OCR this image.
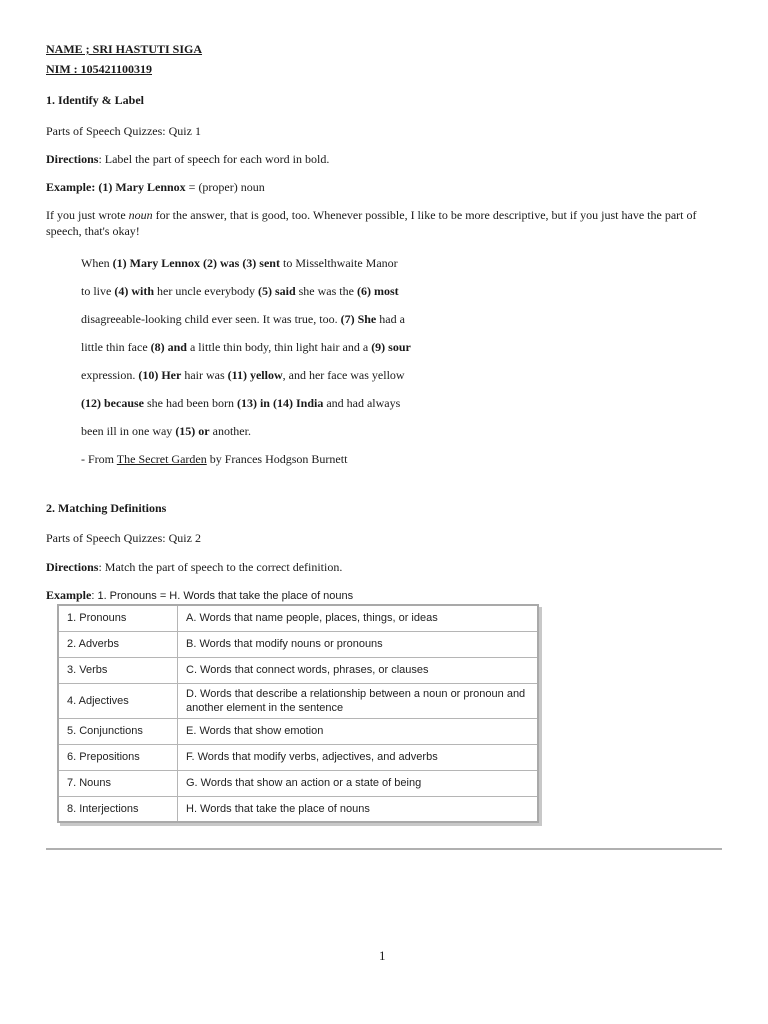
NAME ; SRI HASTUTI SIGA
NIM : 105421100319
1. Identify & Label
Parts of Speech Quizzes: Quiz 1
Directions: Label the part of speech for each word in bold.
Example: (1) Mary Lennox = (proper) noun
If you just wrote noun for the answer, that is good, too. Whenever possible, I like to be more descriptive, but if you just have the part of speech, that's okay!
When (1) Mary Lennox (2) was (3) sent to Misselthwaite Manor
to live (4) with her uncle everybody (5) said she was the (6) most
disagreeable-looking child ever seen. It was true, too. (7) She had a
little thin face (8) and a little thin body, thin light hair and a (9) sour
expression. (10) Her hair was (11) yellow, and her face was yellow
(12) because she had been born (13) in (14) India and had always
been ill in one way (15) or another.
- From The Secret Garden by Frances Hodgson Burnett
2. Matching Definitions
Parts of Speech Quizzes: Quiz 2
Directions: Match the part of speech to the correct definition.
Example: 1. Pronouns = H. Words that take the place of nouns
1. Pronouns	A. Words that name people, places, things, or ideas
2. Adverbs	B. Words that modify nouns or pronouns
3. Verbs	C. Words that connect words, phrases, or clauses
4. Adjectives	D. Words that describe a relationship between a noun or pronoun and another element in the sentence
5. Conjunctions	E. Words that show emotion
6. Prepositions	F. Words that modify verbs, adjectives, and adverbs
7. Nouns	G. Words that show an action or a state of being
8. Interjections	H. Words that take the place of nouns
1
